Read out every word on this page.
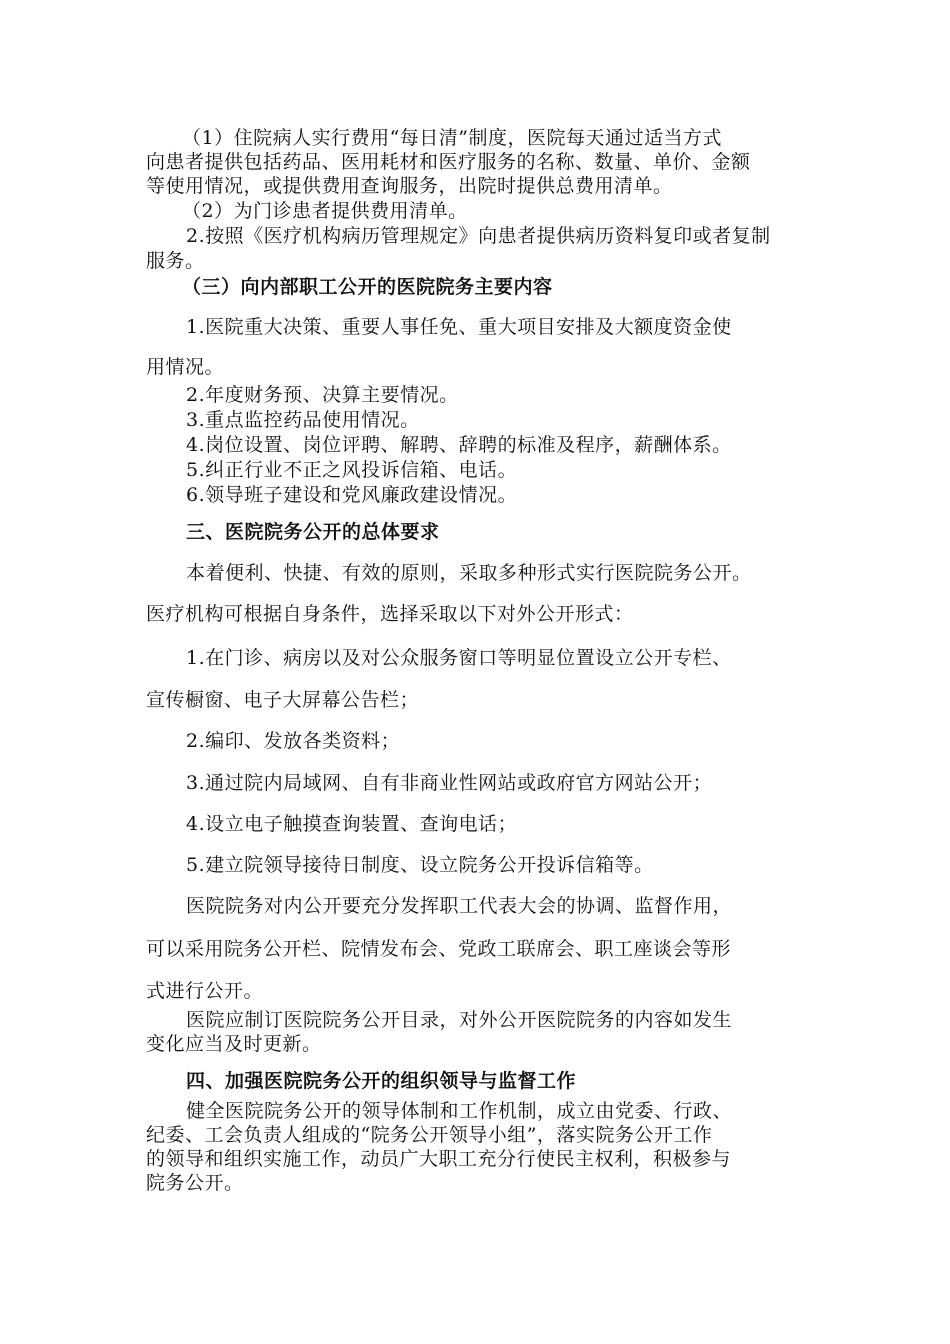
（1）住院病人实行费用“每日清”制度，医院每天通过适当方式
向患者提供包括药品、医用耗材和医疗服务的名称、数量、单价、金额
等使用情况，或提供费用查询服务，出院时提供总费用清单。
（2）为门诊患者提供费用清单。
2.按照《医疗机构病历管理规定》向患者提供病历资料复印或者复制
服务。
（三）向内部职工公开的医院院务主要内容
1.医院重大决策、重要人事任免、重大项目安排及大额度资金使
用情况。
2.年度财务预、决算主要情况。
3.重点监控药品使用情况。
4.岗位设置、岗位评聘、解聘、辞聘的标准及程序，薪酬体系。
5.纠正行业不正之风投诉信箱、电话。
6.领导班子建设和党风廉政建设情况。
三、医院院务公开的总体要求
本着便利、快捷、有效的原则，采取多种形式实行医院院务公开。
医疗机构可根据自身条件，选择采取以下对外公开形式：
1.在门诊、病房以及对公众服务窗口等明显位置设立公开专栏、
宣传橱窗、电子大屏幕公告栏；
2.编印、发放各类资料；
3.通过院内局域网、自有非商业性网站或政府官方网站公开；
4.设立电子触摸查询装置、查询电话；
5.建立院领导接待日制度、设立院务公开投诉信箱等。
医院院务对内公开要充分发挥职工代表大会的协调、监督作用，
可以采用院务公开栏、院情发布会、党政工联席会、职工座谈会等形
式进行公开。
医院应制订医院院务公开目录，对外公开医院院务的内容如发生
变化应当及时更新。
四、加强医院院务公开的组织领导与监督工作
健全医院院务公开的领导体制和工作机制，成立由党委、行政、
纪委、工会负责人组成的“院务公开领导小组”，落实院务公开工作
的领导和组织实施工作，动员广大职工充分行使民主权利，积极参与
院务公开。
